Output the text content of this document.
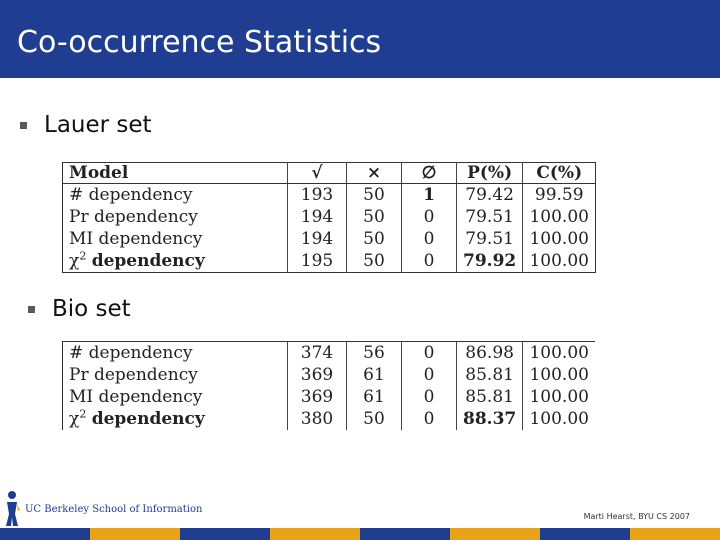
Co-occurrence Statistics
Lauer set
Model	√	×	∅	P(%)	C(%)
# dependency	193	50	1	79.42	99.59
Pr dependency	194	50	0	79.51	100.00
MI dependency	194	50	0	79.51	100.00
$\chi^2$ dependency	195	50	0	79.92	100.00
Bio set
# dependency	374	56	0	86.98	100.00
Pr dependency	369	61	0	85.81	100.00
MI dependency	369	61	0	85.81	100.00
$\chi^2$ dependency	380	50	0	88.37	100.00
UC Berkeley School of Information
Marti Hearst, BYU CS 2007
